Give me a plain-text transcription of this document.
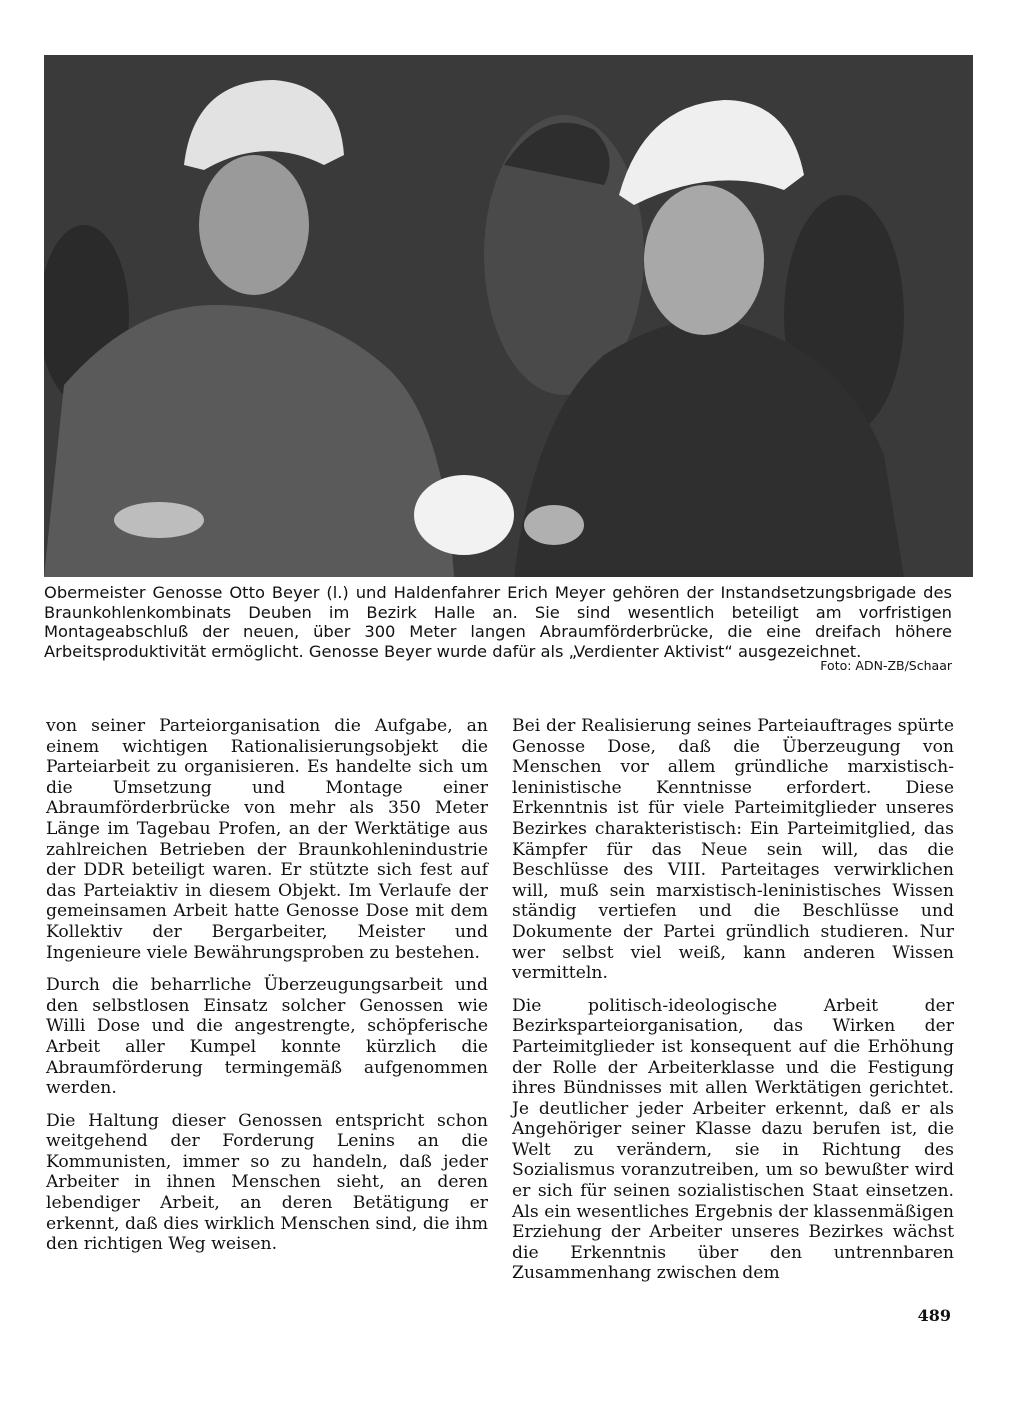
Obermeister Genosse Otto Beyer (l.) und Haldenfahrer Erich Meyer gehören der Instandsetzungsbrigade des Braunkohlenkombinats Deuben im Bezirk Halle an. Sie sind wesentlich beteiligt am vorfristigen Montageabschluß der neuen, über 300 Meter langen Abraumförderbrücke, die eine dreifach höhere Arbeitsproduktivität ermöglicht. Genosse Beyer wurde dafür als „Verdienter Aktivist“ ausgezeichnet.

Foto: ADN-ZB/Schaar

von seiner Parteiorganisation die Aufgabe, an einem wichtigen Rationalisierungsobjekt die Parteiarbeit zu organisieren. Es handelte sich um die Umsetzung und Montage einer Abraumförderbrücke von mehr als 350 Meter Länge im Tagebau Profen, an der Werktätige aus zahlreichen Betrieben der Braunkohlenindustrie der DDR beteiligt waren. Er stützte sich fest auf das Parteiaktiv in diesem Objekt. Im Verlaufe der gemeinsamen Arbeit hatte Genosse Dose mit dem Kollektiv der Bergarbeiter, Meister und Ingenieure viele Bewährungsproben zu bestehen.

Durch die beharrliche Überzeugungsarbeit und den selbstlosen Einsatz solcher Genossen wie Willi Dose und die angestrengte, schöpferische Arbeit aller Kumpel konnte kürzlich die Abraumförderung termingemäß aufgenommen werden.

Die Haltung dieser Genossen entspricht schon weitgehend der Forderung Lenins an die Kommunisten, immer so zu handeln, daß jeder Arbeiter in ihnen Menschen sieht, an deren lebendiger Arbeit, an deren Betätigung er erkennt, daß dies wirklich Menschen sind, die ihm den richtigen Weg weisen.

Bei der Realisierung seines Parteiauftrages spürte Genosse Dose, daß die Überzeugung von Menschen vor allem gründliche marxistisch-leninistische Kenntnisse erfordert. Diese Erkenntnis ist für viele Parteimitglieder unseres Bezirkes charakteristisch: Ein Parteimitglied, das Kämpfer für das Neue sein will, das die Beschlüsse des VIII. Parteitages verwirklichen will, muß sein marxistisch-leninistisches Wissen ständig vertiefen und die Beschlüsse und Dokumente der Partei gründlich studieren. Nur wer selbst viel weiß, kann anderen Wissen vermitteln.

Die politisch-ideologische Arbeit der Bezirksparteiorganisation, das Wirken der Parteimitglieder ist konsequent auf die Erhöhung der Rolle der Arbeiterklasse und die Festigung ihres Bündnisses mit allen Werktätigen gerichtet. Je deutlicher jeder Arbeiter erkennt, daß er als Angehöriger seiner Klasse dazu berufen ist, die Welt zu verändern, sie in Richtung des Sozialismus voranzutreiben, um so bewußter wird er sich für seinen sozialistischen Staat einsetzen. Als ein wesentliches Ergebnis der klassenmäßigen Erziehung der Arbeiter unseres Bezirkes wächst die Erkenntnis über den untrennbaren Zusammenhang zwischen dem

489
